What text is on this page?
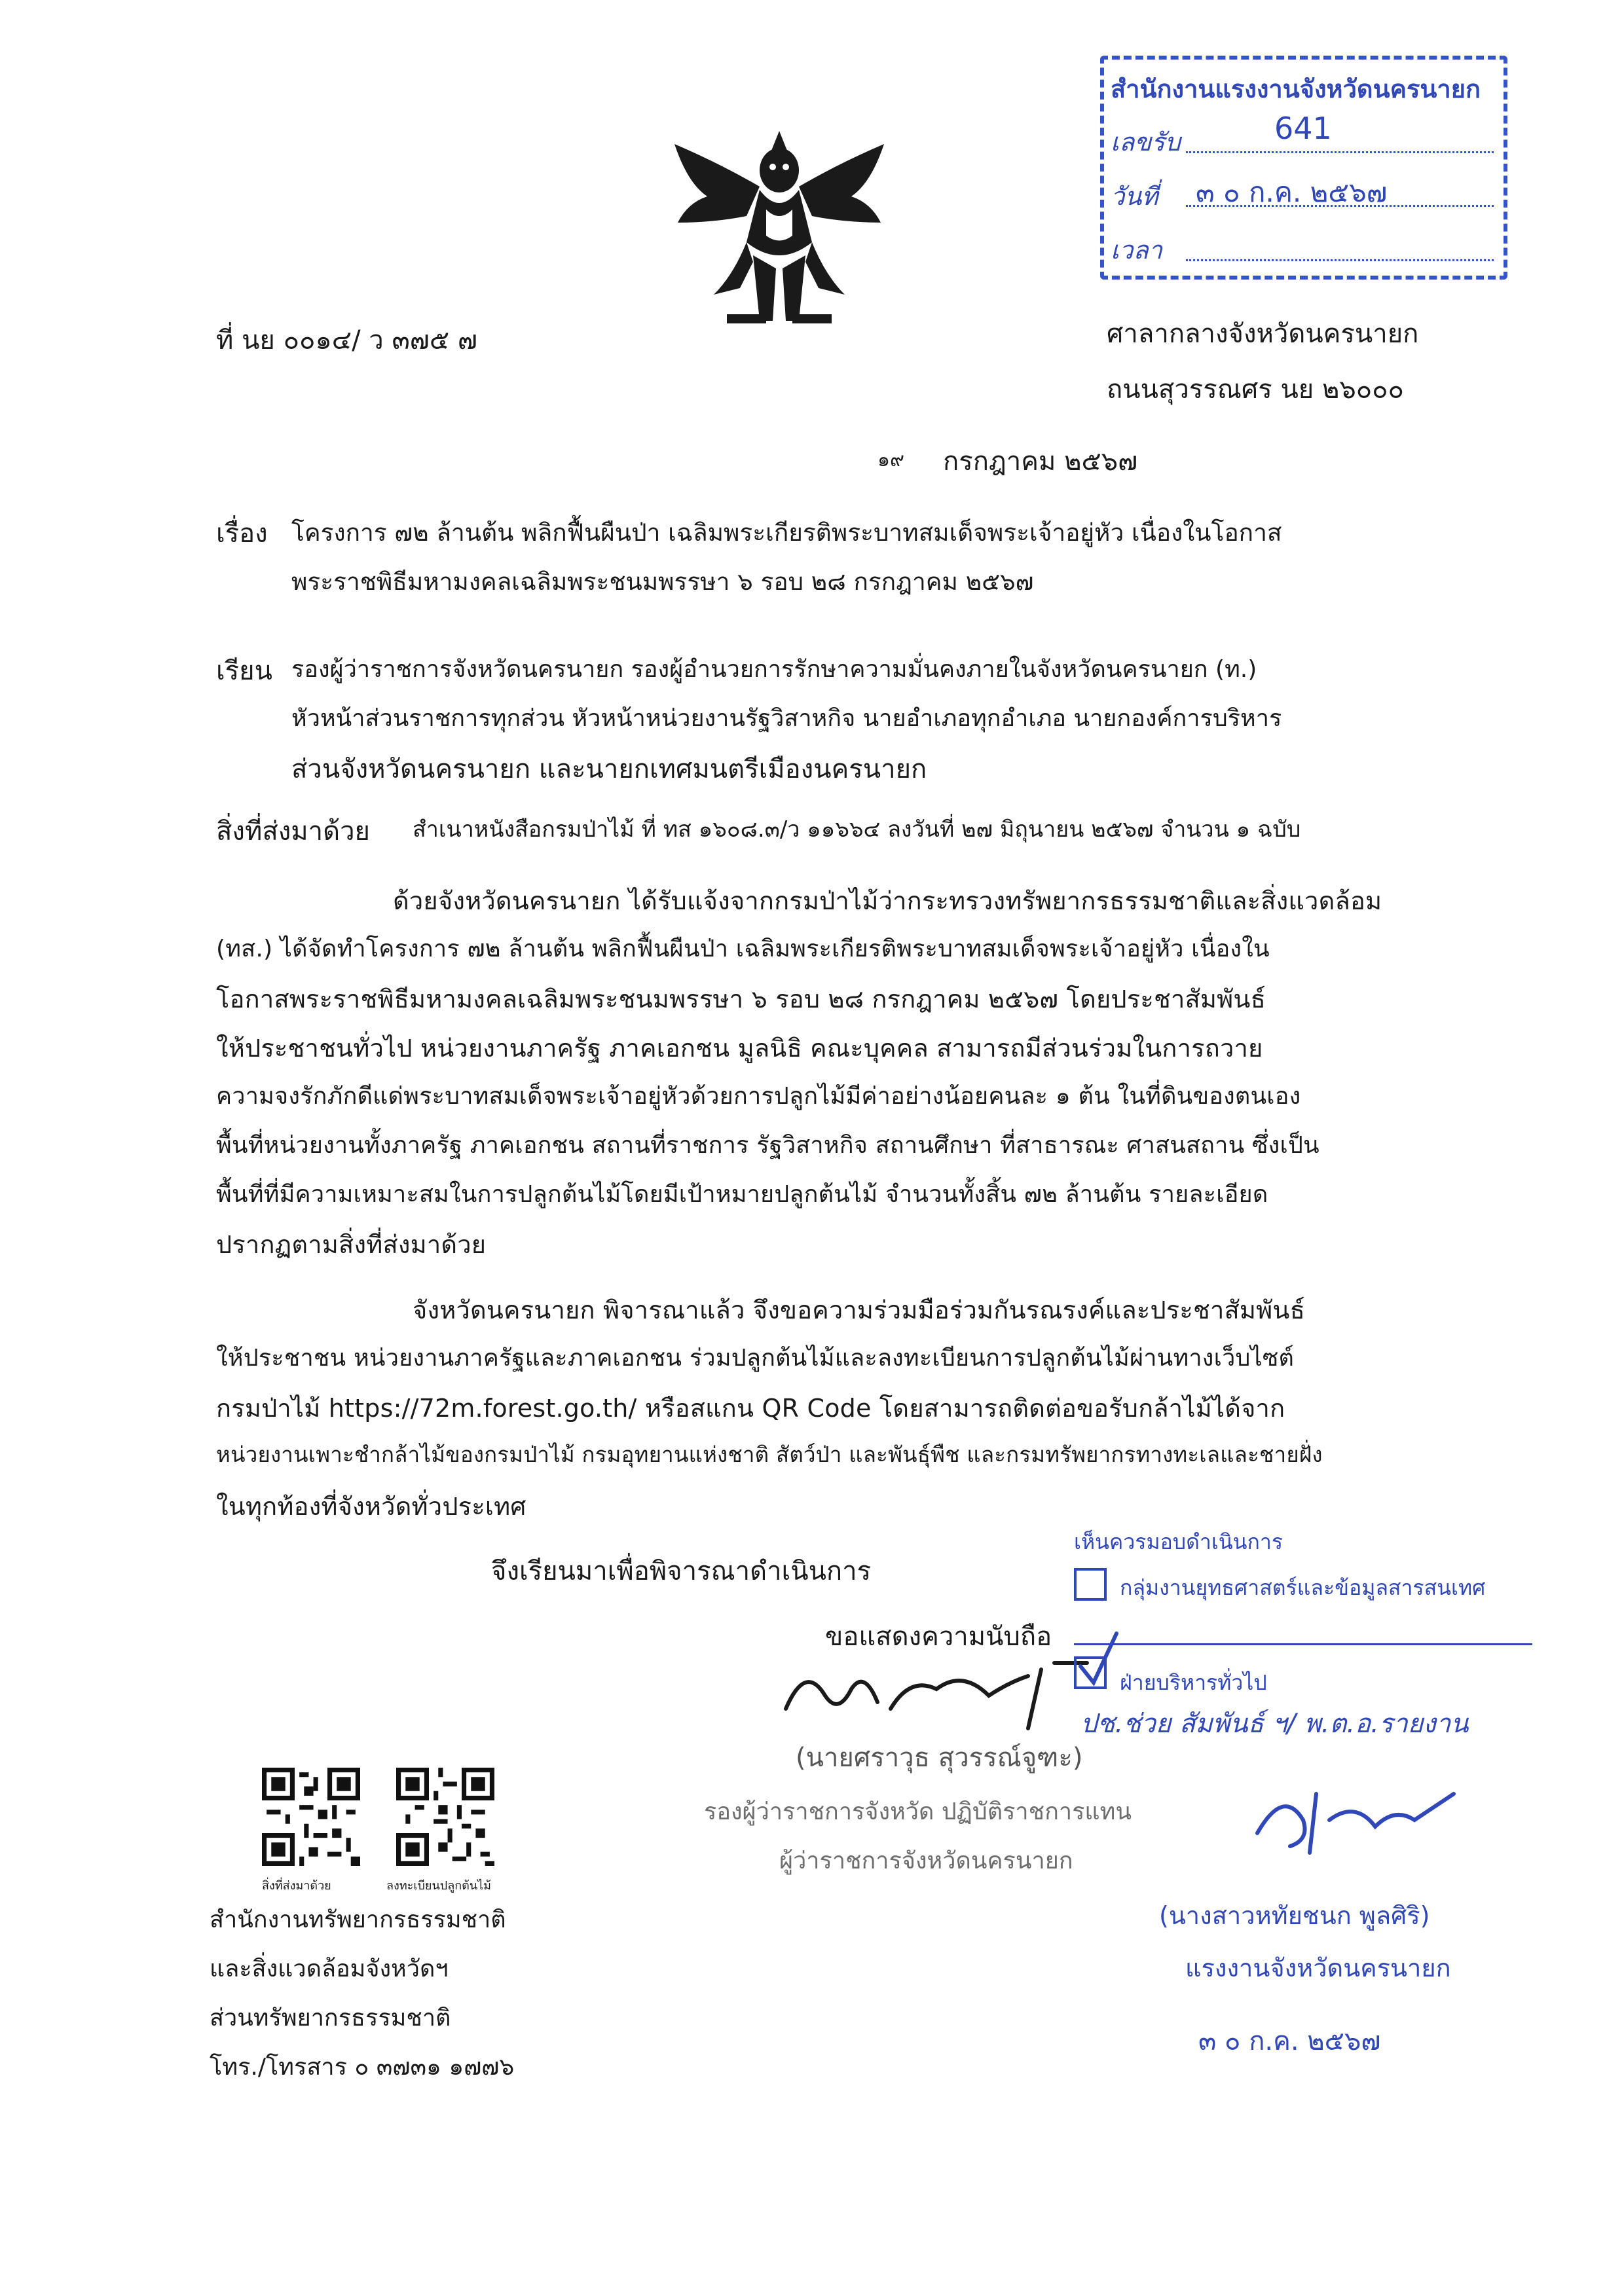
สำนักงานแรงงานจังหวัดนครนายก
เลขรับ	641
วันที่ ๓ ๐ ก.ค. ๒๕๖๗
เวลา
ที่ นย ๐๐๑๔/ ว ๓๗๕ ๗	ศาลากลางจังหวัดนครนายก
ถนนสุวรรณศร นย ๒๖๐๐๐
๑๙ กรกฎาคม ๒๕๖๗
เรื่อง โครงการ ๗๒ ล้านต้น พลิกฟื้นผืนป่า เฉลิมพระเกียรติพระบาทสมเด็จพระเจ้าอยู่หัว เนื่องในโอกาส
พระราชพิธีมหามงคลเฉลิมพระชนมพรรษา ๖ รอบ ๒๘ กรกฎาคม ๒๕๖๗
เรียน รองผู้ว่าราชการจังหวัดนครนายก รองผู้อำนวยการรักษาความมั่นคงภายในจังหวัดนครนายก (ท.)
หัวหน้าส่วนราชการทุกส่วน หัวหน้าหน่วยงานรัฐวิสาหกิจ นายอำเภอทุกอำเภอ นายกองค์การบริหาร
ส่วนจังหวัดนครนายก และนายกเทศมนตรีเมืองนครนายก
สิ่งที่ส่งมาด้วย สำเนาหนังสือกรมป่าไม้ ที่ ทส ๑๖๐๘.๓/ว ๑๑๖๖๔ ลงวันที่ ๒๗ มิถุนายน ๒๕๖๗ จำนวน ๑ ฉบับ
ด้วยจังหวัดนครนายก ได้รับแจ้งจากกรมป่าไม้ว่ากระทรวงทรัพยากรธรรมชาติและสิ่งแวดล้อม
(ทส.) ได้จัดทำโครงการ ๗๒ ล้านต้น พลิกฟื้นผืนป่า เฉลิมพระเกียรติพระบาทสมเด็จพระเจ้าอยู่หัว เนื่องใน
โอกาสพระราชพิธีมหามงคลเฉลิมพระชนมพรรษา ๖ รอบ ๒๘ กรกฎาคม ๒๕๖๗ โดยประชาสัมพันธ์
ให้ประชาชนทั่วไป หน่วยงานภาครัฐ ภาคเอกชน มูลนิธิ คณะบุคคล สามารถมีส่วนร่วมในการถวาย
ความจงรักภักดีแด่พระบาทสมเด็จพระเจ้าอยู่หัวด้วยการปลูกไม้มีค่าอย่างน้อยคนละ ๑ ต้น ในที่ดินของตนเอง
พื้นที่หน่วยงานทั้งภาครัฐ ภาคเอกชน สถานที่ราชการ รัฐวิสาหกิจ สถานศึกษา ที่สาธารณะ ศาสนสถาน ซึ่งเป็น
พื้นที่ที่มีความเหมาะสมในการปลูกต้นไม้โดยมีเป้าหมายปลูกต้นไม้ จำนวนทั้งสิ้น ๗๒ ล้านต้น รายละเอียด
ปรากฏตามสิ่งที่ส่งมาด้วย
จังหวัดนครนายก พิจารณาแล้ว จึงขอความร่วมมือร่วมกันรณรงค์และประชาสัมพันธ์
ให้ประชาชน หน่วยงานภาครัฐและภาคเอกชน ร่วมปลูกต้นไม้และลงทะเบียนการปลูกต้นไม้ผ่านทางเว็บไซต์
กรมป่าไม้ https://72m.forest.go.th/ หรือสแกน QR Code โดยสามารถติดต่อขอรับกล้าไม้ได้จาก
หน่วยงานเพาะชำกล้าไม้ของกรมป่าไม้ กรมอุทยานแห่งชาติ สัตว์ป่า และพันธุ์พืช และกรมทรัพยากรทางทะเลและชายฝั่ง
ในทุกท้องที่จังหวัดทั่วประเทศ
จึงเรียนมาเพื่อพิจารณาดำเนินการ
ขอแสดงความนับถือ
(นายศราวุธ สุวรรณ์จูฑะ)
รองผู้ว่าราชการจังหวัด ปฏิบัติราชการแทน
ผู้ว่าราชการจังหวัดนครนายก
เห็นควรมอบดำเนินการ
กลุ่มงานยุทธศาสตร์และข้อมูลสารสนเทศ
ฝ่ายบริหารทั่วไป
ปช.ช่วย สัมพันธ์ ฯ/ พ.ต.อ.รายงาน
(นางสาวหทัยชนก พูลศิริ)
แรงงานจังหวัดนครนายก
๓ ๐ ก.ค. ๒๕๖๗
สิ่งที่ส่งมาด้วย	ลงทะเบียนปลูกต้นไม้
สำนักงานทรัพยากรธรรมชาติ
และสิ่งแวดล้อมจังหวัดฯ
ส่วนทรัพยากรธรรมชาติ
โทร./โทรสาร ๐ ๓๗๓๑ ๑๗๗๖
